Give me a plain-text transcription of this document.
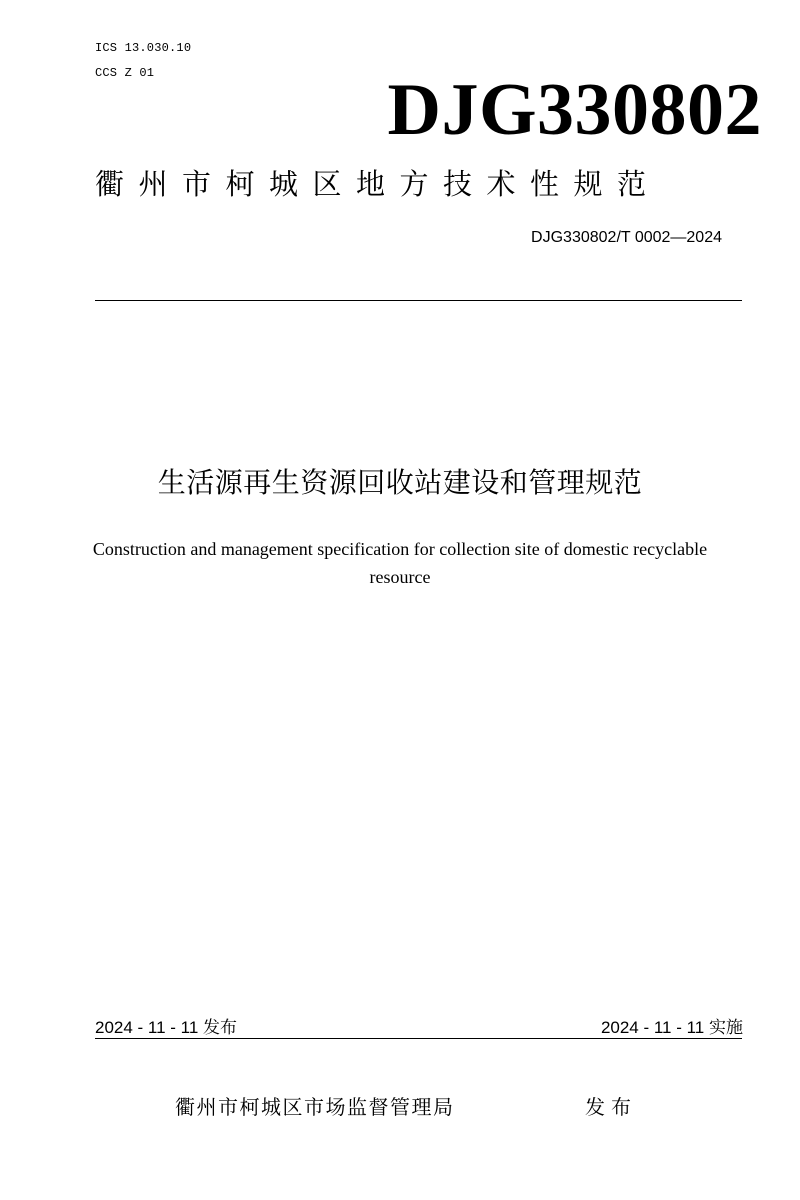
ICS 13.030.10
CCS Z 01	DJG330802
衢州市柯城区地方技术性规范
DJG330802/T 0002—2024
生活源再生资源回收站建设和管理规范
Construction and management specification for collection site of domestic recyclable
resource
2024 - 11 - 11 发布	2024 - 11 - 11 实施
衢州市柯城区市场监督管理局	发布
